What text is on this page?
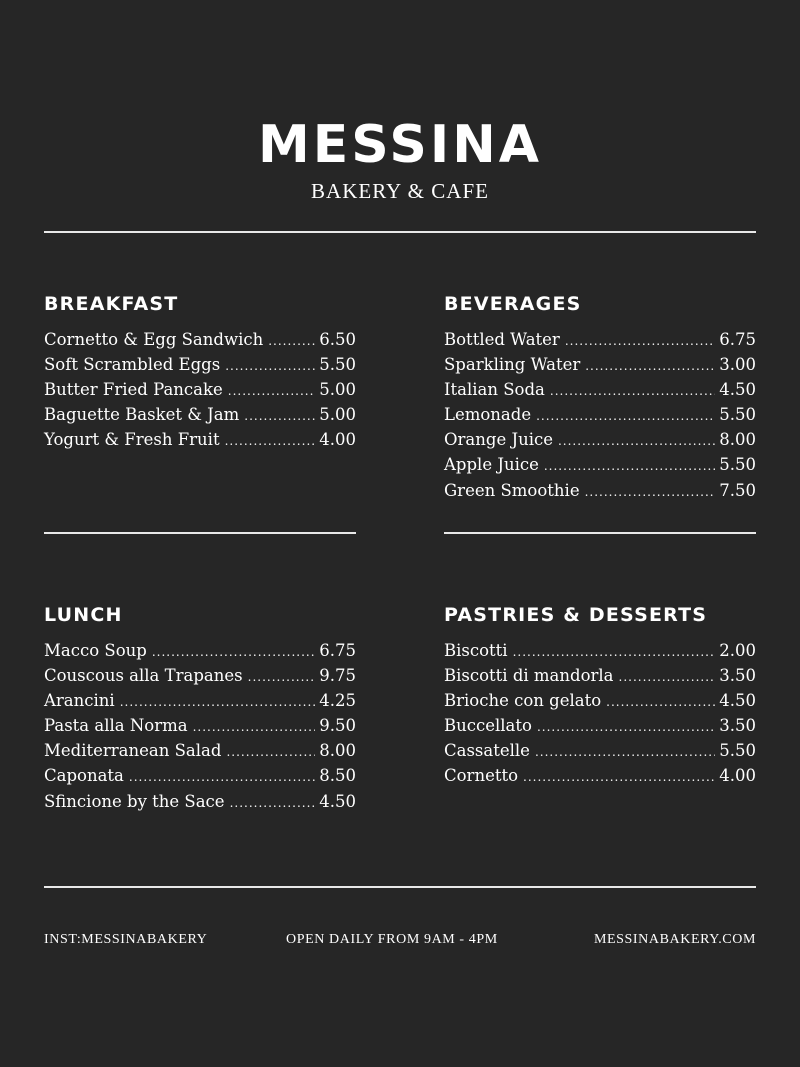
MESSINA
BAKERY & CAFE
BREAKFAST
Cornetto & Egg Sandwich .....	6.50
Soft Scrambled Eggs .....	5.50
Butter Fried Pancake .....	5.00
Baguette Basket & Jam .....	5.00
Yogurt & Fresh Fruit .....	4.00
BEVERAGES
Bottled Water .....	6.75
Sparkling Water .....	3.00
Italian Soda .....	4.50
Lemonade .....	5.50
Orange Juice .....	8.00
Apple Juice .....	5.50
Green Smoothie .....	7.50
LUNCH
Macco Soup .....	6.75
Couscous alla Trapanes .....	9.75
Arancini .....	4.25
Pasta alla Norma .....	9.50
Mediterranean Salad .....	8.00
Caponata .....	8.50
Sfincione by the Sace .....	4.50
PASTRIES & DESSERTS
Biscotti .....	2.00
Biscotti di mandorla .....	3.50
Brioche con gelato .....	4.50
Buccellato .....	3.50
Cassatelle .....	5.50
Cornetto .....	4.00
INST:MESSINABAKERY	OPEN DAILY FROM 9AM - 4PM	MESSINABAKERY.COM
